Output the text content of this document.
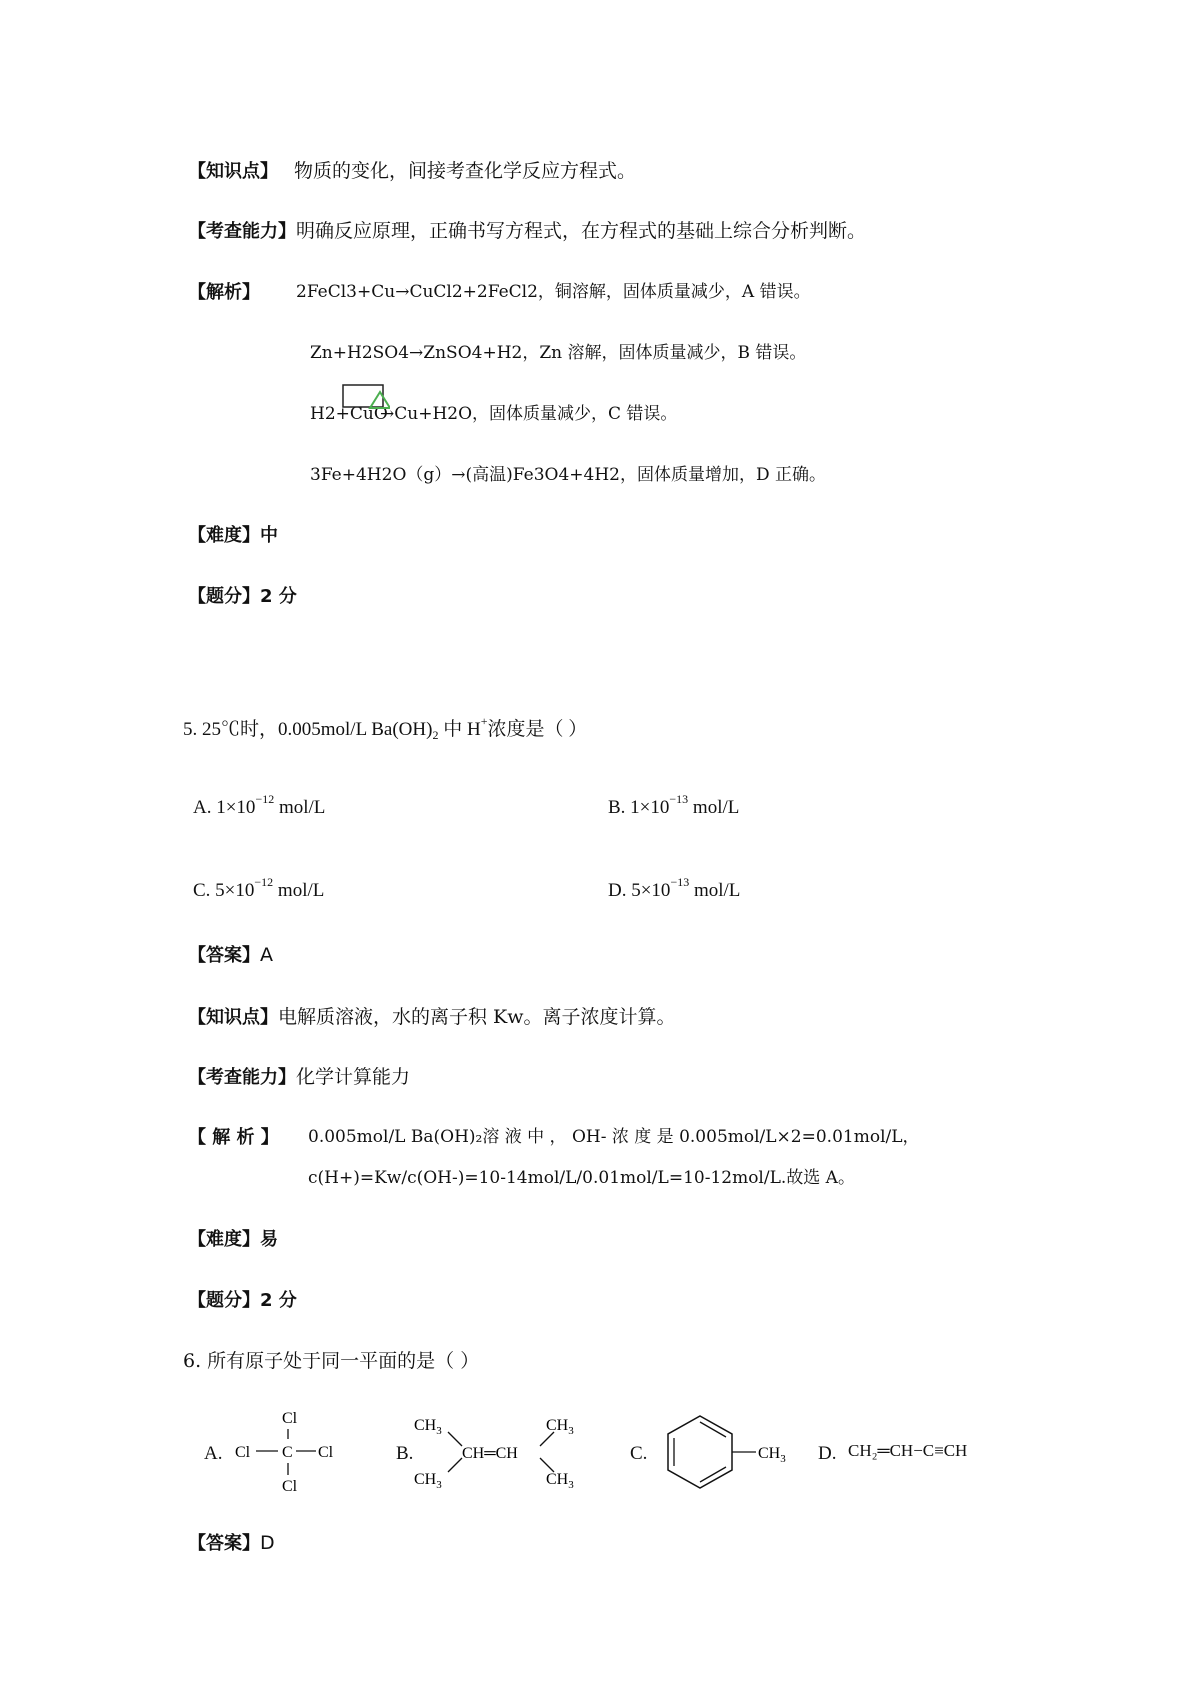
【知识点】 物质的变化，间接考查化学反应方程式。
【考查能力】明确反应原理，正确书写方程式，在方程式的基础上综合分析判断。
【解析】 2FeCl3+Cu→CuCl2+2FeCl2，铜溶解，固体质量减少，A 错误。
Zn+H2SO4→ZnSO4+H2，Zn 溶解，固体质量减少，B 错误。
H2+CuO
→Cu+H2O，固体质量减少，C 错误。
3Fe+4H2O（g）→(高温)Fe3O4+4H2，固体质量增加，D 正确。
【难度】中
【题分】2 分
5. 25℃时，0.005mol/L $Ba(OH)_2$ 中 H+浓度是（ ）
A. $1\times 10^{-12}$ mol/L	B. $1\times 10^{-13}$ mol/L
C. $5\times 10^{-12}$ mol/L	D. $5\times 10^{-13}$ mol/L
【答案】A
【知识点】电解质溶液，水的离子积 Kw。离子浓度计算。
【考查能力】化学计算能力
【 解 析 】 0.005mol/L Ba(OH)₂溶 液 中 ， OH- 浓 度 是 0.005mol/L×2=0.01mol/L，
c(H+)=Kw/c(OH-)=10-14mol/L/0.01mol/L=10-12mol/L.故选 A。
【难度】易
【题分】2 分
6. 所有原子处于同一平面的是（ ）
A.
Cl
Cl C Cl
Cl
B.
$CH_3$
$CH_3$
CH═CH
$CH_3$
$CH_3$
C.	$CH_3$ D. CH₂═CH−C≡CH
【答案】D
